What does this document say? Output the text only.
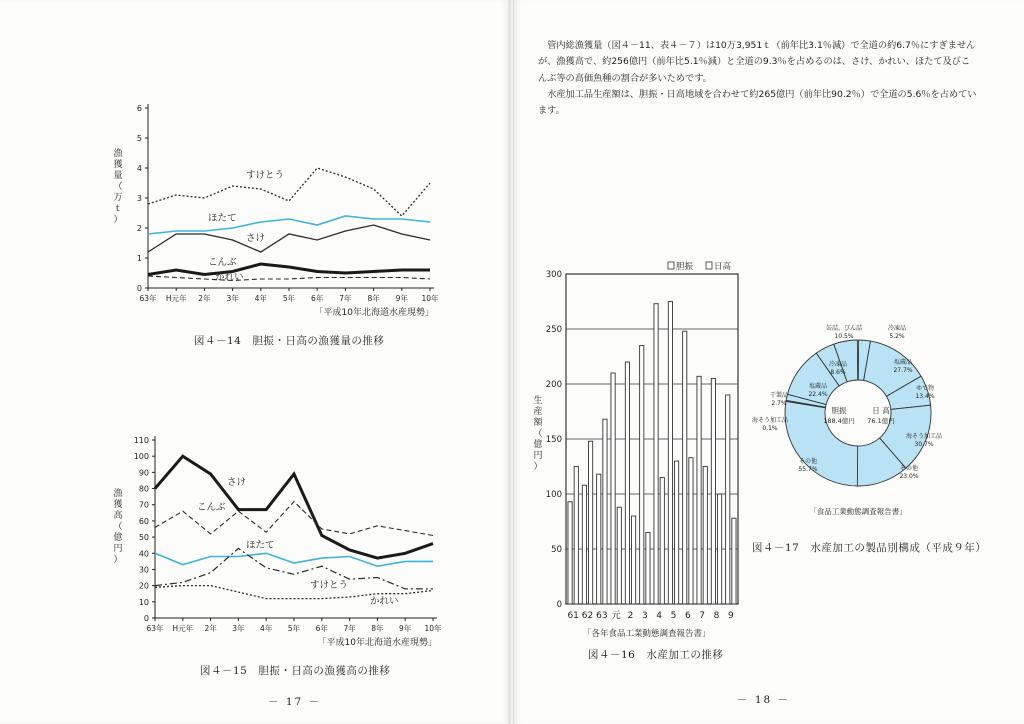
0
1
2
3
4
5
6
63年 H元年 2年 3年 4年 5年 6年 7年 8年 9年 10年
すけとう
ほたて
さけ
こんぶ
かれい
漁
獲
量
（
万
ｔ
）
「平成10年北海道水産現勢」
図４－14　胆振・日高の漁獲量の推移
0
10
20
30
40
50
60
70
80
90
100
110
63年 H元年 2年 3年 4年 5年 6年 7年 8年 9年 10年
さけ
こんぶ
ほたて
すけとう
かれい
漁
獲
高
（
億
円
）
「平成10年北海道水産現勢」
図４－15　胆振・日高の漁獲高の推移
－ 17 －

管内総漁獲量（図４－11、表４－７）は10万3,951ｔ（前年比3.1％減）で全道の約6.7％にすぎませんが、漁獲高で、約256億円（前年比5.1％減）と全道の9.3％を占めるのは、さけ、かれい、ほたて及びこんぶ等の高価魚種の割合が多いためです。

水産加工品生産額は、胆振・日高地域を合わせて約265億円（前年比90.2％）で全道の5.6％を占めています。

0
50
100
150
200
250
300
61 62 63 元 2 3 4 5 6 7 8 9
胆振 日高
生
産
額
（
億
円
）
「各年食品工業動態調査報告書」
図４－16　水産加工の推移
缶詰、びん詰
10.5%
冷凍品
8.6%
塩蔵品
22.4%
干製品
2.7%
海そう加工品
0.1%
その他
55.7%
冷凍品
5.2%
塩蔵品
27.7%
ゆで物
13.4%
海そう加工品
30.7%
その他
23.0%
胆振
188.4億円
日 高
76.1億円
「食品工業動態調査報告書」
図４－17　水産加工の製品別構成（平成９年）
－ 18 －
